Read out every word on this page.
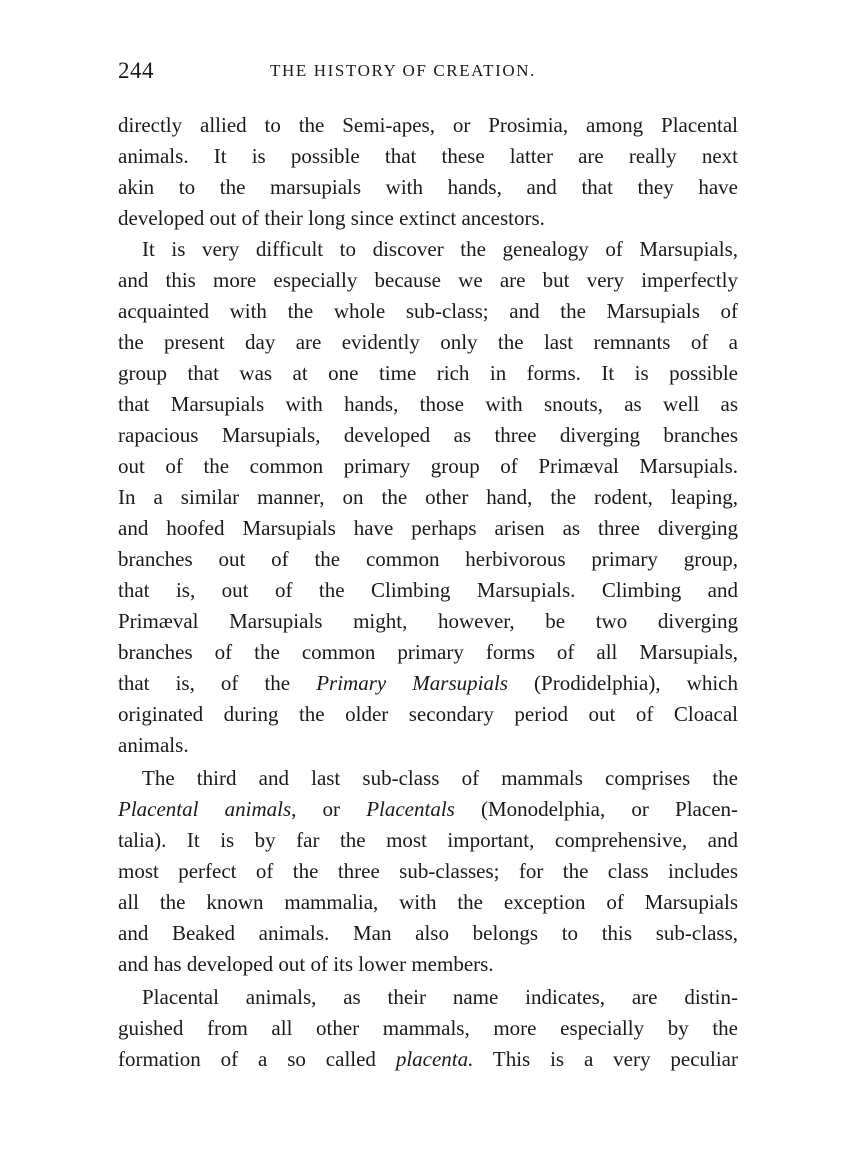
244	THE HISTORY OF CREATION.
directly allied to the Semi-apes, or Prosimia, among Placental
animals. It is possible that these latter are really next
akin to the marsupials with hands, and that they have
developed out of their long since extinct ancestors.
It is very difficult to discover the genealogy of Marsupials,
and this more especially because we are but very imperfectly
acquainted with the whole sub-class; and the Marsupials of
the present day are evidently only the last remnants of a
group that was at one time rich in forms. It is possible
that Marsupials with hands, those with snouts, as well as
rapacious Marsupials, developed as three diverging branches
out of the common primary group of Primæval Marsupials.
In a similar manner, on the other hand, the rodent, leaping,
and hoofed Marsupials have perhaps arisen as three diverging
branches out of the common herbivorous primary group,
that is, out of the Climbing Marsupials. Climbing and
Primæval Marsupials might, however, be two diverging
branches of the common primary forms of all Marsupials,
that is, of the Primary Marsupials (Prodidelphia), which
originated during the older secondary period out of Cloacal
animals.
The third and last sub-class of mammals comprises the
Placental animals, or Placentals (Monodelphia, or Placen-
talia). It is by far the most important, comprehensive, and
most perfect of the three sub-classes; for the class includes
all the known mammalia, with the exception of Marsupials
and Beaked animals. Man also belongs to this sub-class,
and has developed out of its lower members.
Placental animals, as their name indicates, are distin-
guished from all other mammals, more especially by the
formation of a so called placenta. This is a very peculiar
